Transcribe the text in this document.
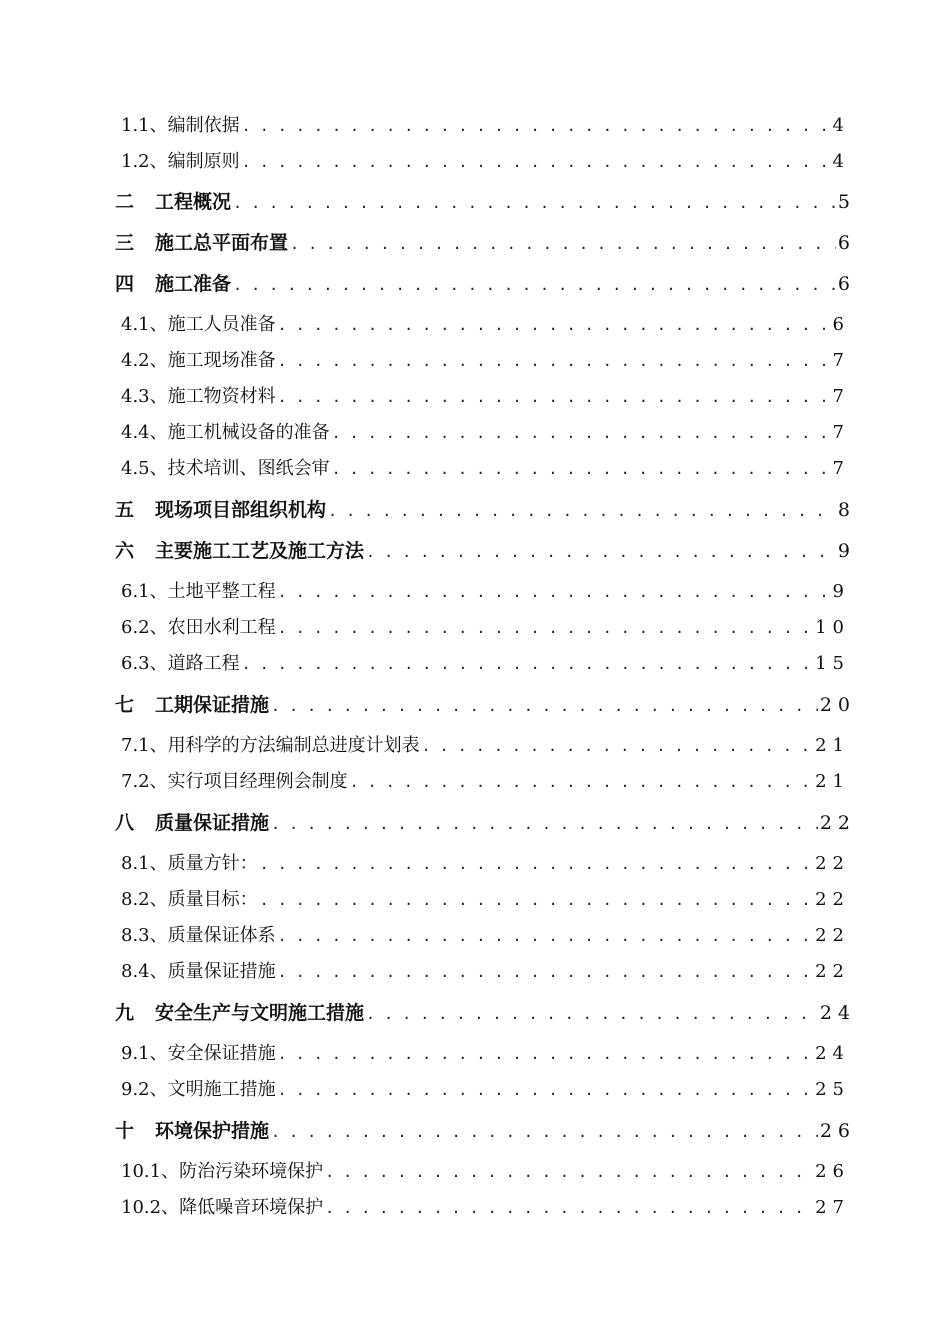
1.1、编制依据 . . .	4
1.2、编制原则 . . .	4
二	工程概况 . . .	5
三	施工总平面布置 . . .	6
四	施工准备 . . .	6
4.1、施工人员准备 . . .	6
4.2、施工现场准备 . . .	7
4.3、施工物资材料 . . .	7
4.4、施工机械设备的准备 . . .	7
4.5、技术培训、图纸会审 . . .	7
五	现场项目部组织机构 . . .	8
六	主要施工工艺及施工方法 . . .	9
6.1、土地平整工程 . . .	9
6.2、农田水利工程 . . .	10
6.3、道路工程 . . .	15
七	工期保证措施 . . .	20
7.1、用科学的方法编制总进度计划表 . . .	21
7.2、实行项目经理例会制度 . . .	21
八	质量保证措施 . . .	22
8.1、质量方针： . . .	22
8.2、质量目标： . . .	22
8.3、质量保证体系 . . .	22
8.4、质量保证措施 . . .	22
九	安全生产与文明施工措施 . . .	24
9.1、安全保证措施 . . .	24
9.2、文明施工措施 . . .	25
十	环境保护措施 . . .	26
10.1、防治污染环境保护 . . .	26
10.2、降低噪音环境保护 . . .	27
